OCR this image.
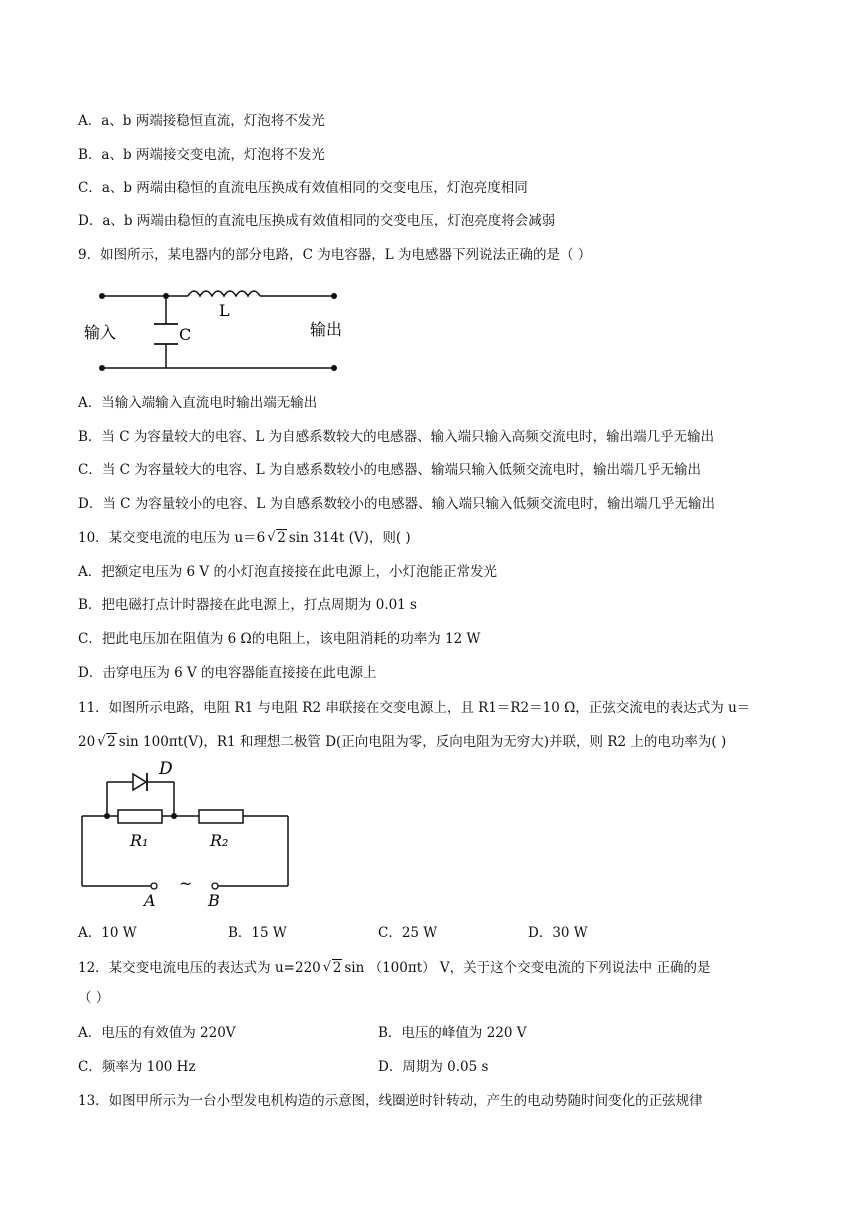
A．a、b 两端接稳恒直流，灯泡将不发光
B．a、b 两端接交变电流，灯泡将不发光
C．a、b 两端由稳恒的直流电压换成有效值相同的交变电压，灯泡亮度相同
D．a、b 两端由稳恒的直流电压换成有效值相同的交变电压，灯泡亮度将会减弱
9．如图所示，某电器内的部分电路，C 为电容器，L 为电感器下列说法正确的是（ ）
L
C
输入	输出
A．当输入端输入直流电时输出端无输出
B．当 C 为容量较大的电容、L 为自感系数较大的电感器、输入端只输入高频交流电时，输出端几乎无输出
C．当 C 为容量较大的电容、L 为自感系数较小的电感器、输端只输入低频交流电时，输出端几乎无输出
D．当 C 为容量较小的电容、L 为自感系数较小的电感器、输入端只输入低频交流电时，输出端几乎无输出
10．某交变电流的电压为 u＝6 √ 2 sin 314t (V)，则( )
A．把额定电压为 6 V 的小灯泡直接接在此电源上，小灯泡能正常发光
B．把电磁打点计时器接在此电源上，打点周期为 0.01 s
C．把此电压加在阻值为 6 Ω的电阻上，该电阻消耗的功率为 12 W
D．击穿电压为 6 V 的电容器能直接接在此电源上
11．如图所示电路，电阻 R1 与电阻 R2 串联接在交变电源上，且 R1＝R2＝10 Ω，正弦交流电的表达式为 u＝
20 √ 2 sin 100πt(V)，R1 和理想二极管 D(正向电阻为零，反向电阻为无穷大)并联，则 R2 上的电功率为( )
D
R₁	R₂
~
A	B
A．10 W	B．15 W	C．25 W	D．30 W
12．某交变电流电压的表达式为 u=220 √ 2 sin （100πt） V，关于这个交变电流的下列说法中 正确的是
（ ）
A．电压的有效值为 220V	B．电压的峰值为 220 V
C．频率为 100 Hz	D．周期为 0.05 s
13．如图甲所示为一台小型发电机构造的示意图，线圈逆时针转动，产生的电动势随时间变化的正弦规律
